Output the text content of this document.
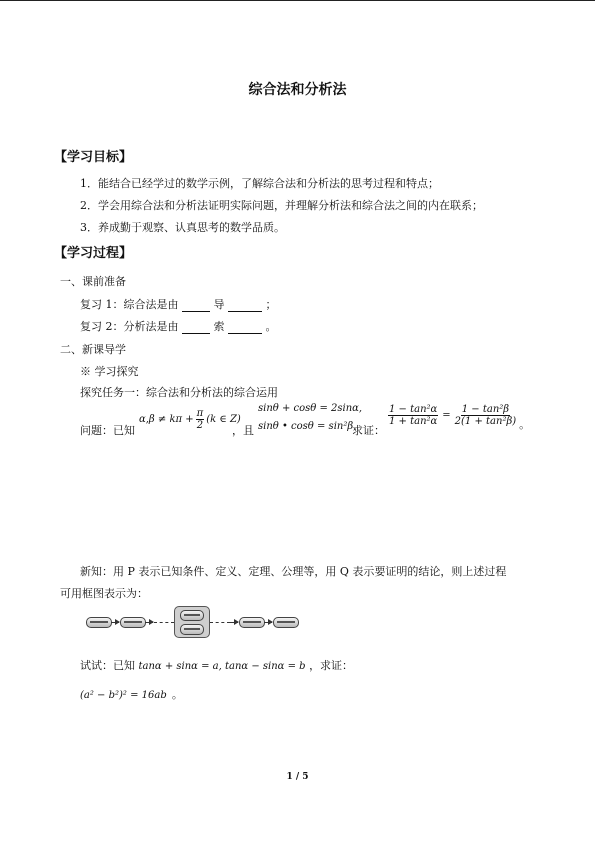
综合法和分析法
【学习目标】
1．能结合已经学过的数学示例，了解综合法和分析法的思考过程和特点；
2．学会用综合法和分析法证明实际问题，并理解分析法和综合法之间的内在联系；
3．养成勤于观察、认真思考的数学品质。
【学习过程】
一、课前准备
复习 1：综合法是由	导	；
复习 2：分析法是由	索	。
二、新课导学
※ 学习探究
探究任务一：综合法和分析法的综合运用
问题：已知
$\alpha,\beta \ne k\pi + \frac{\pi}{2} (k$ ∈ Z)
，且
sinθ + cosθ = 2sinα,
sinθ • cosθ = sin²β,
求证：
$\frac{\text{1 − tan²α}}{\text{1 + tan²α}} = \frac{\text{1 − tan²β}}{\text{2(1 + tan²β)}}$ 。
新知：用 P 表示已知条件、定义、定理、公理等，用 Q 表示要证明的结论，则上述过程
可用框图表示为：
试试：已知 tanα + sinα = a, tanα − sinα = b ，求证：
(a² − b²)² = 16ab 。
1 / 5
